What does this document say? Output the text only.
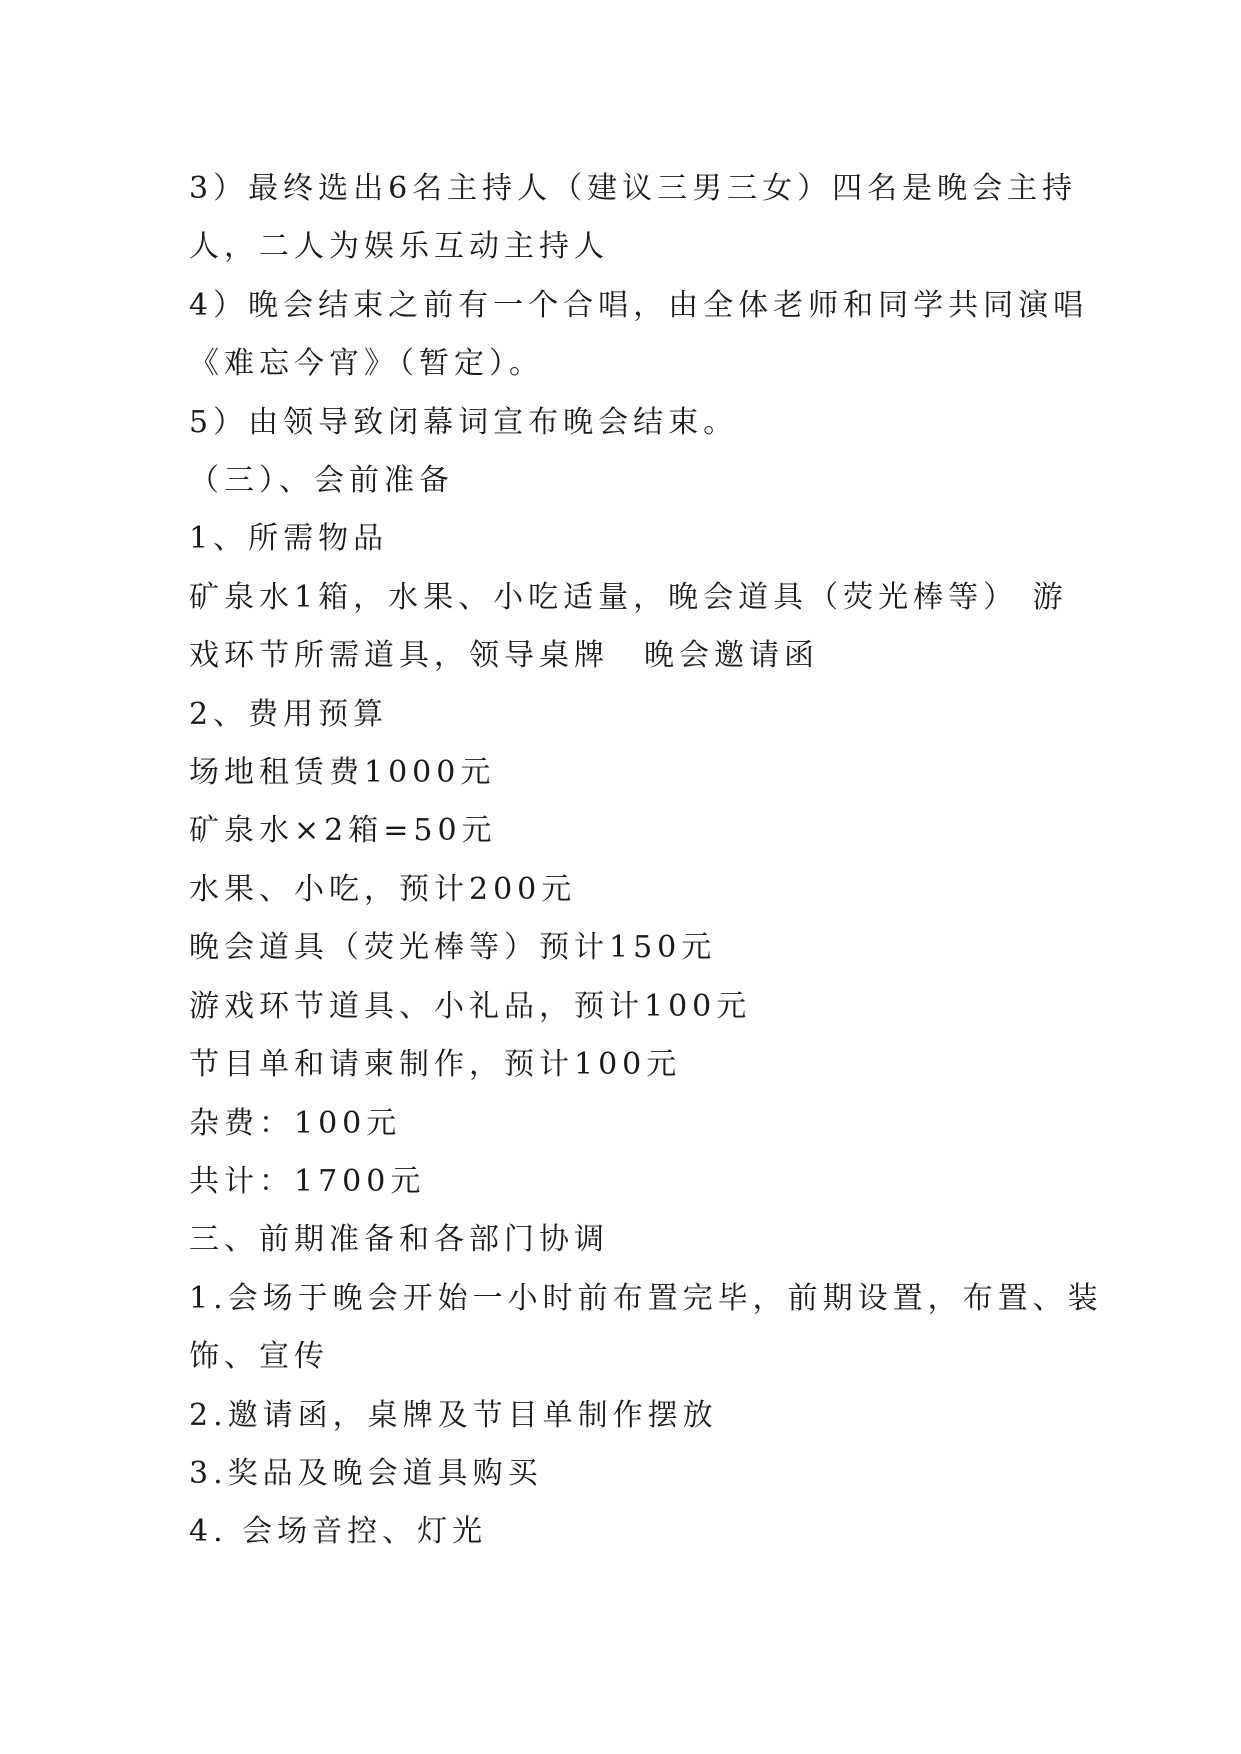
3）最终选出6名主持人（建议三男三女）四名是晚会主持

人，二人为娱乐互动主持人

4）晚会结束之前有一个合唱，由全体老师和同学共同演唱

《难忘今宵》（暂定）。

5）由领导致闭幕词宣布晚会结束。

（三）、会前准备

1、所需物品

矿泉水1箱，水果、小吃适量，晚会道具（荧光棒等） 游

戏环节所需道具，领导桌牌　晚会邀请函

2、费用预算

场地租赁费1000元

矿泉水×2箱=50元

水果、小吃，预计200元

晚会道具（荧光棒等）预计150元

游戏环节道具、小礼品，预计100元

节目单和请柬制作，预计100元

杂费：100元

共计：1700元

三、前期准备和各部门协调

1.会场于晚会开始一小时前布置完毕，前期设置，布置、装

饰、宣传

2.邀请函，桌牌及节目单制作摆放

3.奖品及晚会道具购买

4. 会场音控、灯光
